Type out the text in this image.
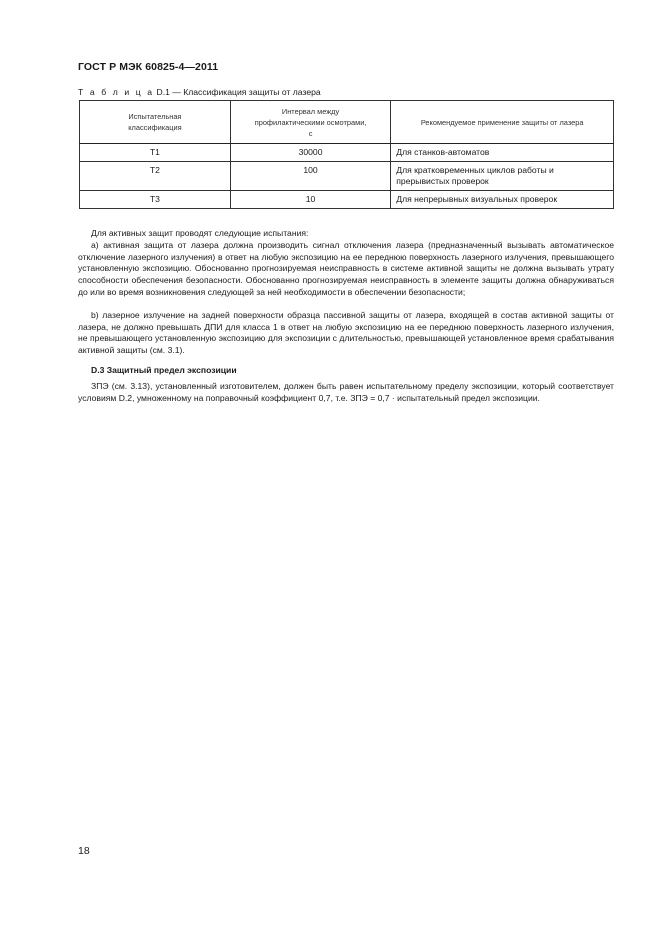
ГОСТ Р МЭК 60825-4—2011
Т а б л и ц а D.1 — Классификация защиты от лазера
Испытательная классификация	Интервал между профилактическими осмотрами, с	Рекомендуемое применение защиты от лазера
T1	30000	Для станков-автоматов
T2	100	Для кратковременных циклов работы и прерывистых проверок
T3	10	Для непрерывных визуальных проверок
Для активных защит проводят следующие испытания:
а) активная защита от лазера должна производить сигнал отключения лазера (предназначенный вызывать автоматическое отключение лазерного излучения) в ответ на любую экспозицию на ее переднюю поверхность лазерного излучения, превышающего установленную экспозицию. Обоснованно прогнозируемая неисправность в системе активной защиты не должна вызывать утрату способности обеспечения безопасности. Обоснованно прогнозируемая неисправность в элементе защиты должна обнаруживаться до или во время возникновения следующей за ней необходимости в обеспечении безопасности;
b) лазерное излучение на задней поверхности образца пассивной защиты от лазера, входящей в состав активной защиты от лазера, не должно превышать ДПИ для класса 1 в ответ на любую экспозицию на ее переднюю поверхность лазерного излучения, не превышающего установленную экспозицию для экспозиции с длительностью, превышающей установленное время срабатывания активной защиты (см. 3.1).
D.3 Защитный предел экспозиции
ЗПЭ (см. 3.13), установленный изготовителем, должен быть равен испытательному пределу экспозиции, который соответствует условиям D.2, умноженному на поправочный коэффициент 0,7, т.е. ЗПЭ = 0,7 · испытательный предел экспозиции.
18
